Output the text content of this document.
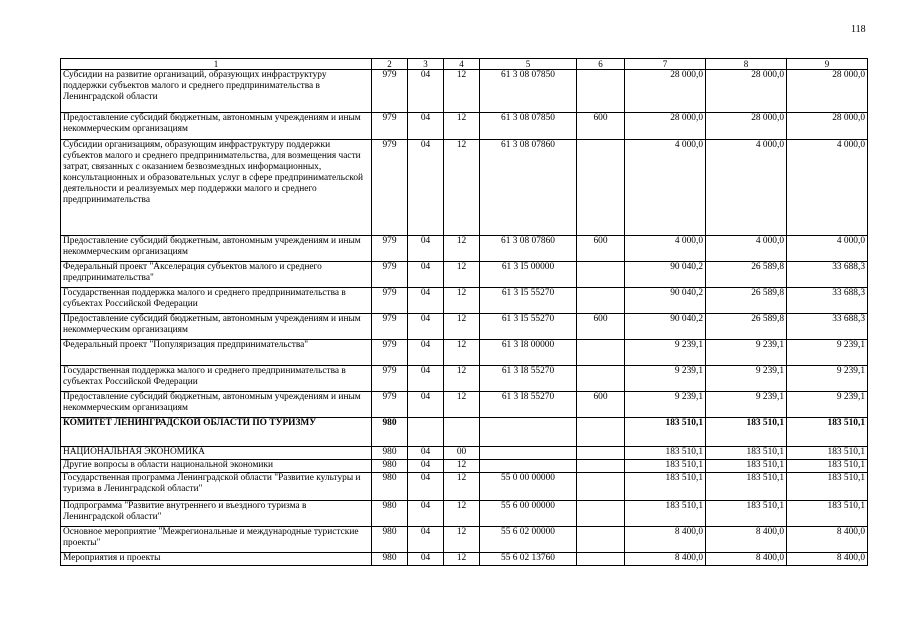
118
1	2	3	4	5	6	7	8	9
Субсидии на развитие организаций, образующих инфраструктуру поддержки субъектов малого и среднего предпринимательства в Ленинградской области	979	04	12	61 3 08 07850		28 000,0	28 000,0	28 000,0
Предоставление субсидий бюджетным, автономным учреждениям и иным некоммерческим организациям	979	04	12	61 3 08 07850	600	28 000,0	28 000,0	28 000,0
Субсидии организациям, образующим инфраструктуру поддержки субъектов малого и среднего предпринимательства, для возмещения части затрат, связанных с оказанием безвозмездных информационных, консультационных и образовательных услуг в сфере предпринимательской деятельности и реализуемых мер поддержки малого и среднего предпринимательства	979	04	12	61 3 08 07860		4 000,0	4 000,0	4 000,0
Предоставление субсидий бюджетным, автономным учреждениям и иным некоммерческим организациям	979	04	12	61 3 08 07860	600	4 000,0	4 000,0	4 000,0
Федеральный проект "Акселерация субъектов малого и среднего предпринимательства"	979	04	12	61 3 I5 00000		90 040,2	26 589,8	33 688,3
Государственная поддержка малого и среднего предпринимательства в субъектах Российской Федерации	979	04	12	61 3 I5 55270		90 040,2	26 589,8	33 688,3
Предоставление субсидий бюджетным, автономным учреждениям и иным некоммерческим организациям	979	04	12	61 3 I5 55270	600	90 040,2	26 589,8	33 688,3
Федеральный проект "Популяризация предпринимательства"	979	04	12	61 3 I8 00000		9 239,1	9 239,1	9 239,1
Государственная поддержка малого и среднего предпринимательства в субъектах Российской Федерации	979	04	12	61 3 I8 55270		9 239,1	9 239,1	9 239,1
Предоставление субсидий бюджетным, автономным учреждениям и иным некоммерческим организациям	979	04	12	61 3 I8 55270	600	9 239,1	9 239,1	9 239,1
КОМИТЕТ ЛЕНИНГРАДСКОЙ ОБЛАСТИ ПО ТУРИЗМУ	980					183 510,1	183 510,1	183 510,1
НАЦИОНАЛЬНАЯ ЭКОНОМИКА	980	04	00			183 510,1	183 510,1	183 510,1
Другие вопросы в области национальной экономики	980	04	12			183 510,1	183 510,1	183 510,1
Государственная программа Ленинградской области "Развитие культуры и туризма в Ленинградской области"	980	04	12	55 0 00 00000		183 510,1	183 510,1	183 510,1
Подпрограмма "Развитие внутреннего и въездного туризма в Ленинградской области"	980	04	12	55 6 00 00000		183 510,1	183 510,1	183 510,1
Основное мероприятие "Межрегиональные и международные туристские проекты"	980	04	12	55 6 02 00000		8 400,0	8 400,0	8 400,0
Мероприятия и проекты	980	04	12	55 6 02 13760		8 400,0	8 400,0	8 400,0
